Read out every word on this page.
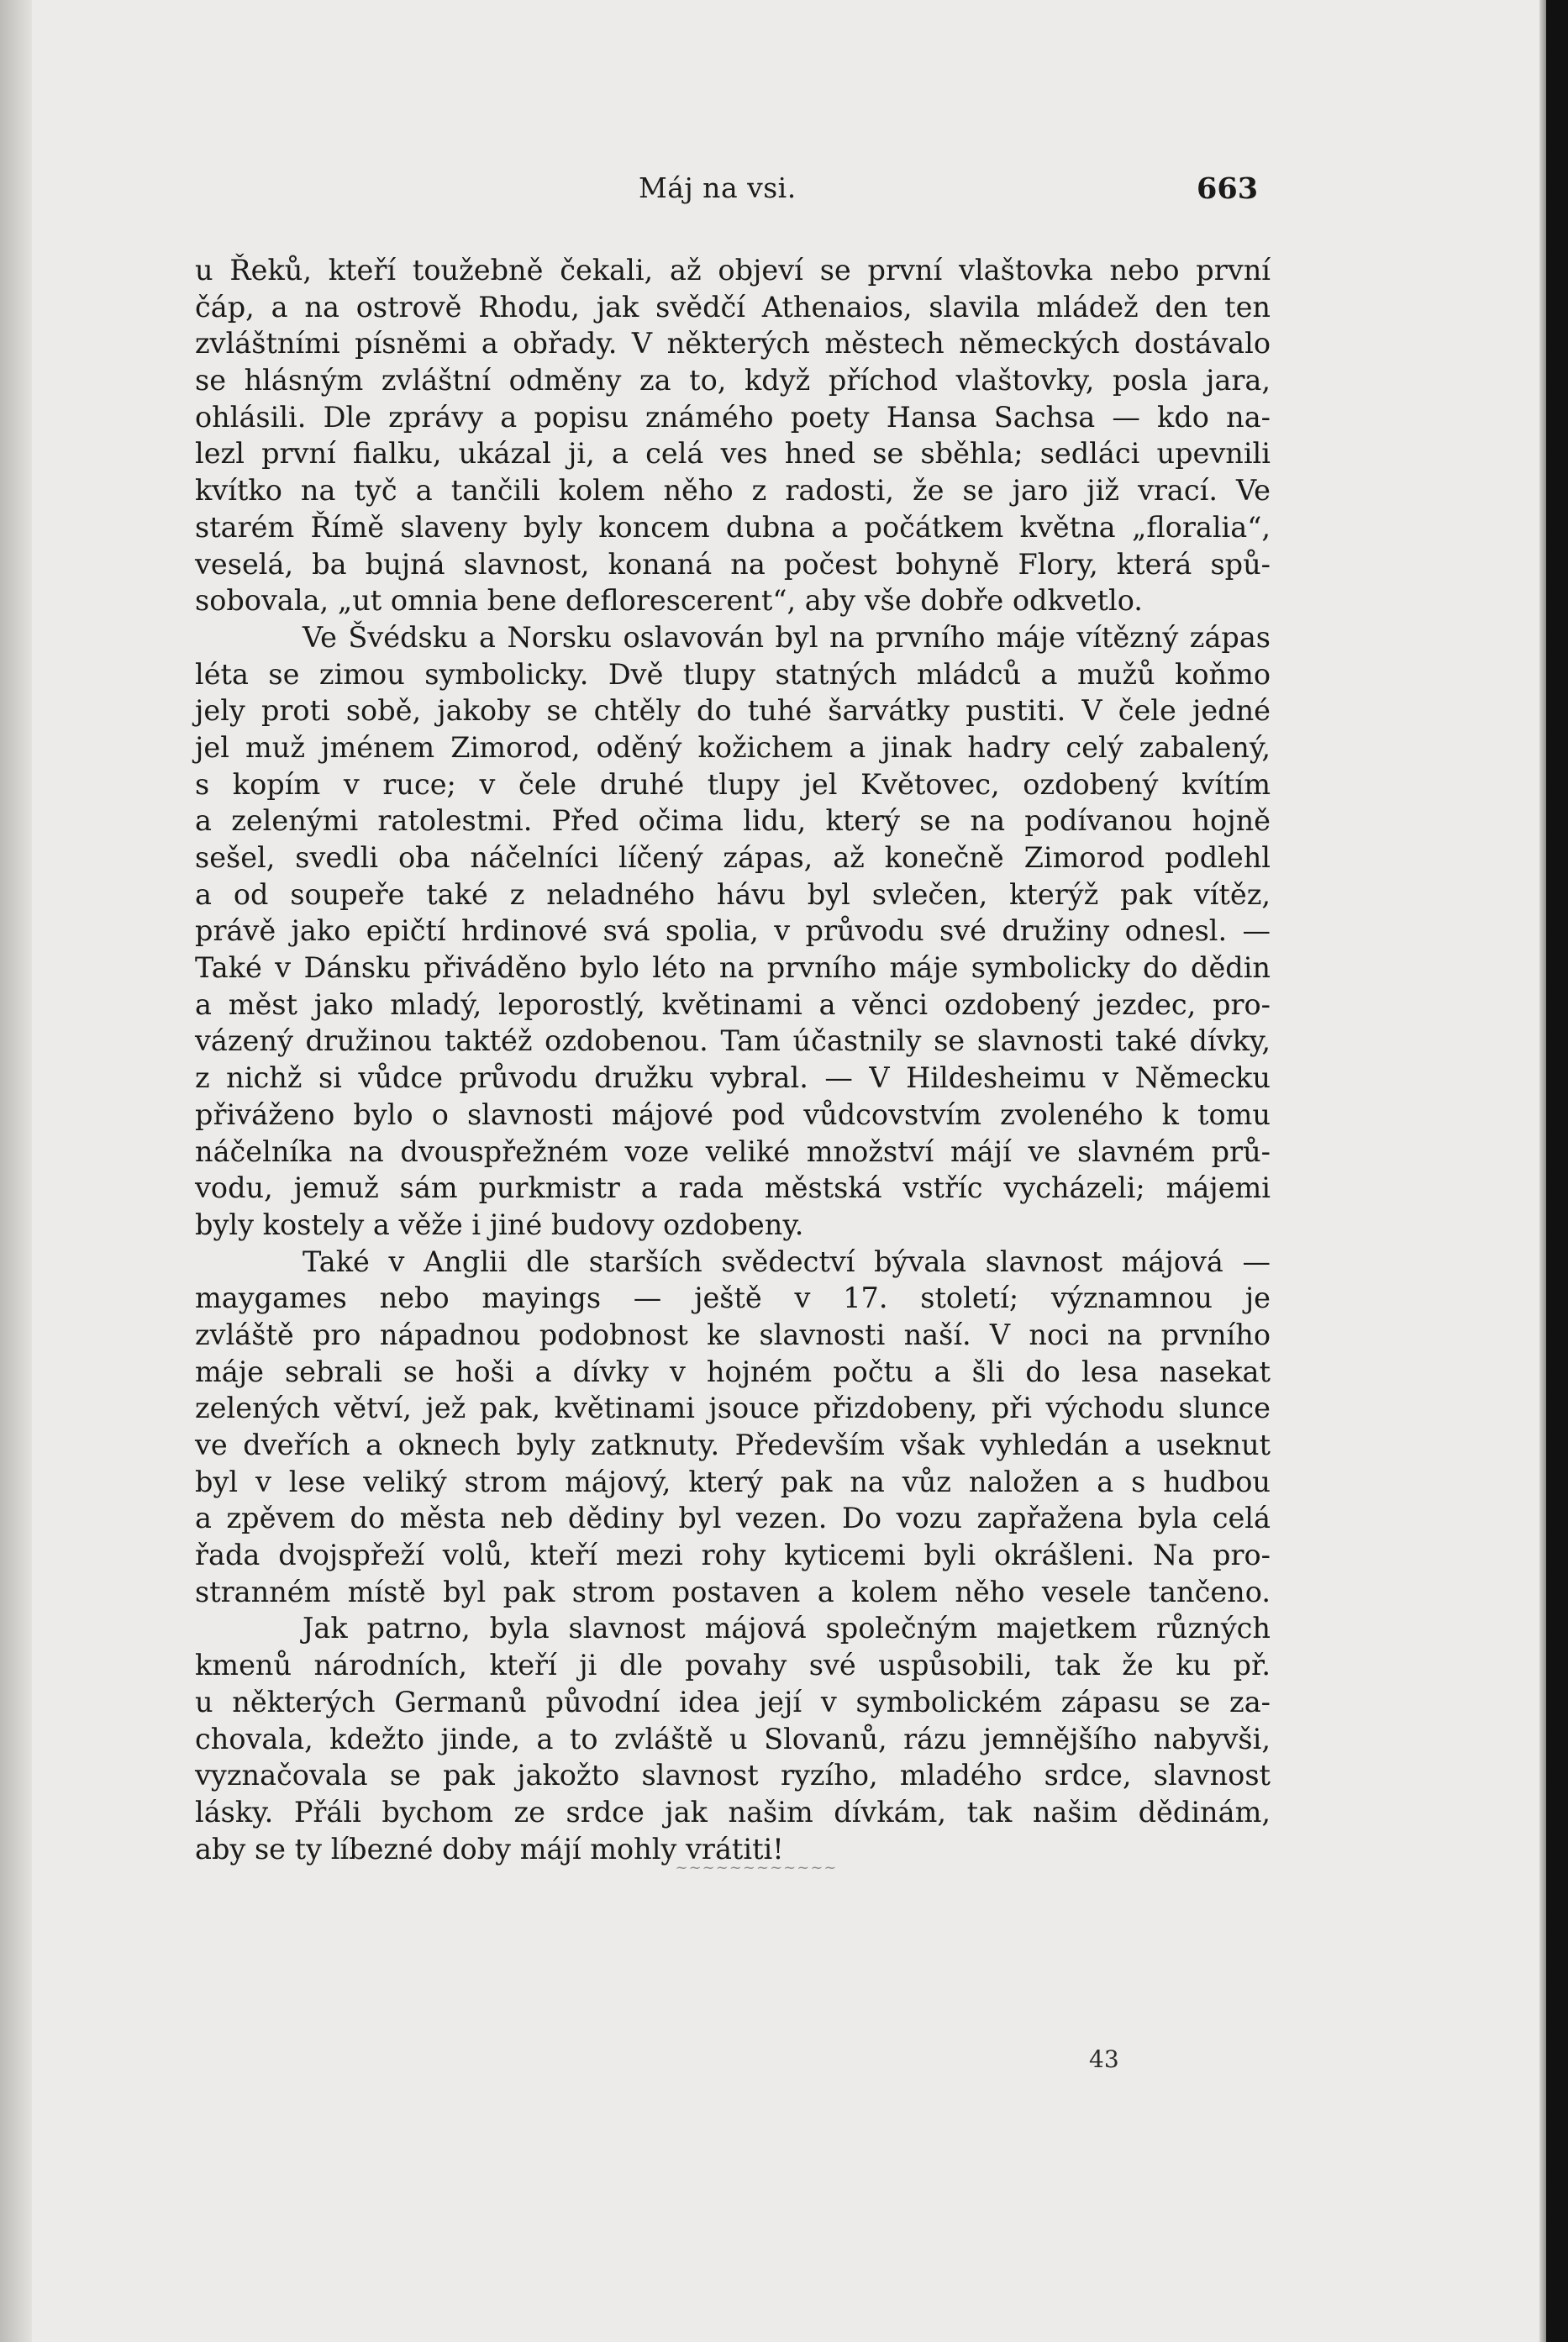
Máj na vsi.	663
u Řeků, kteří toužebně čekali, až objeví se první vlaštovka nebo první
čáp, a na ostrově Rhodu, jak svědčí Athenaios, slavila mládež den ten
zvláštními písněmi a obřady. V některých městech německých dostávalo
se hlásným zvláštní odměny za to, když příchod vlaštovky, posla jara,
ohlásili. Dle zprávy a popisu známého poety Hansa Sachsa — kdo na-
lezl první fialku, ukázal ji, a celá ves hned se sběhla; sedláci upevnili
kvítko na tyč a tančili kolem něho z radosti, že se jaro již vrací. Ve
starém Římě slaveny byly koncem dubna a počátkem května „floralia“,
veselá, ba bujná slavnost, konaná na počest bohyně Flory, která spů-
sobovala, „ut omnia bene deflorescerent“, aby vše dobře odkvetlo.
Ve Švédsku a Norsku oslavován byl na prvního máje vítězný zápas
léta se zimou symbolicky. Dvě tlupy statných mládců a mužů koňmo
jely proti sobě, jakoby se chtěly do tuhé šarvátky pustiti. V čele jedné
jel muž jménem Zimorod, oděný kožichem a jinak hadry celý zabalený,
s kopím v ruce; v čele druhé tlupy jel Květovec, ozdobený kvítím
a zelenými ratolestmi. Před očima lidu, který se na podívanou hojně
sešel, svedli oba náčelníci líčený zápas, až konečně Zimorod podlehl
a od soupeře také z neladného hávu byl svlečen, kterýž pak vítěz,
právě jako epičtí hrdinové svá spolia, v průvodu své družiny odnesl. —
Také v Dánsku přiváděno bylo léto na prvního máje symbolicky do dědin
a měst jako mladý, leporostlý, květinami a věnci ozdobený jezdec, pro-
vázený družinou taktéž ozdobenou. Tam účastnily se slavnosti také dívky,
z nichž si vůdce průvodu družku vybral. — V Hildesheimu v Německu
přiváženo bylo o slavnosti májové pod vůdcovstvím zvoleného k tomu
náčelníka na dvouspřežném voze veliké množství májí ve slavném prů-
vodu, jemuž sám purkmistr a rada městská vstříc vycházeli; májemi
byly kostely a věže i jiné budovy ozdobeny.
Také v Anglii dle starších svědectví bývala slavnost májová —
maygames nebo mayings — ještě v 17. století; významnou je
zvláště pro nápadnou podobnost ke slavnosti naší. V noci na prvního
máje sebrali se hoši a dívky v hojném počtu a šli do lesa nasekat
zelených větví, jež pak, květinami jsouce přizdobeny, při východu slunce
ve dveřích a oknech byly zatknuty. Především však vyhledán a useknut
byl v lese veliký strom májový, který pak na vůz naložen a s hudbou
a zpěvem do města neb dědiny byl vezen. Do vozu zapřažena byla celá
řada dvojspřeží volů, kteří mezi rohy kyticemi byli okrášleni. Na pro-
stranném místě byl pak strom postaven a kolem něho vesele tančeno.
Jak patrno, byla slavnost májová společným majetkem různých
kmenů národních, kteří ji dle povahy své uspůsobili, tak že ku př.
u některých Germanů původní idea její v symbolickém zápasu se za-
chovala, kdežto jinde, a to zvláště u Slovanů, rázu jemnějšího nabyvši,
vyznačovala se pak jakožto slavnost ryzího, mladého srdce, slavnost
lásky. Přáli bychom ze srdce jak našim dívkám, tak našim dědinám,
aby se ty líbezné doby májí mohly vrátiti!
~~~~~~~~~~~~
43
